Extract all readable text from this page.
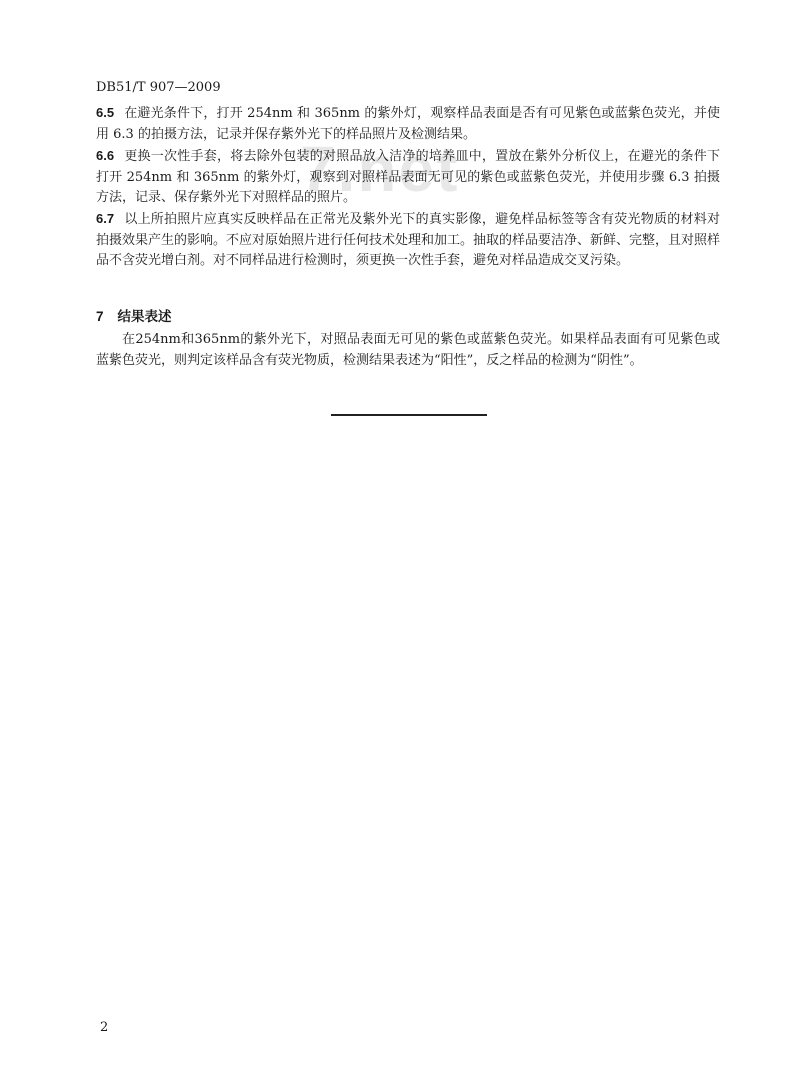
DB51/T 907—2009
7.net
6.5 在避光条件下，打开 254nm 和 365nm 的紫外灯，观察样品表面是否有可见紫色或蓝紫色荧光，并使用 6.3 的拍摄方法，记录并保存紫外光下的样品照片及检测结果。
6.6 更换一次性手套，将去除外包装的对照品放入洁净的培养皿中，置放在紫外分析仪上，在避光的条件下打开 254nm 和 365nm 的紫外灯，观察到对照样品表面无可见的紫色或蓝紫色荧光，并使用步骤 6.3 拍摄方法，记录、保存紫外光下对照样品的照片。
6.7 以上所拍照片应真实反映样品在正常光及紫外光下的真实影像，避免样品标签等含有荧光物质的材料对拍摄效果产生的影响。不应对原始照片进行任何技术处理和加工。抽取的样品要洁净、新鲜、完整，且对照样品不含荧光增白剂。对不同样品进行检测时，须更换一次性手套，避免对样品造成交叉污染。
7 结果表述
在254nm和365nm的紫外光下，对照品表面无可见的紫色或蓝紫色荧光。如果样品表面有可见紫色或蓝紫色荧光，则判定该样品含有荧光物质，检测结果表述为“阳性”，反之样品的检测为“阴性”。
2
